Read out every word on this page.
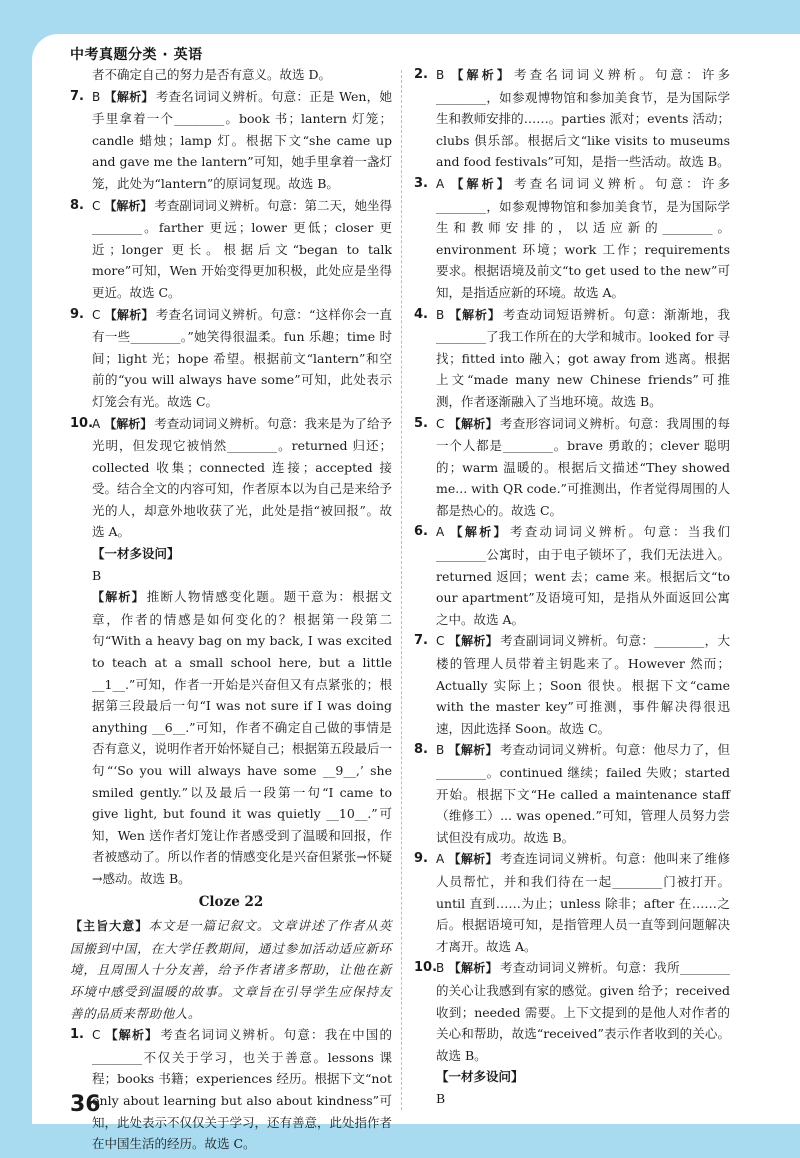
中考真题分类 · 英语

者不确定自己的努力是否有意义。故选 D。

7. B 【解析】 考查名词词义辨析。句意：正是 Wen，她手里拿着一个________。book 书；lantern 灯笼；candle 蜡烛；lamp 灯。根据下文“she came up and gave me the lantern”可知，她手里拿着一盏灯笼，此处为“lantern”的原词复现。故选 B。
8. C 【解析】 考查副词词义辨析。句意：第二天，她坐得________。farther 更远；lower 更低；closer 更近；longer 更长。根据后文“began to talk more”可知，Wen 开始变得更加积极，此处应是坐得更近。故选 C。
9. C 【解析】 考查名词词义辨析。句意：“这样你会一直有一些________。”她笑得很温柔。fun 乐趣；time 时间；light 光；hope 希望。根据前文“lantern”和空前的“you will always have some”可知，此处表示灯笼会有光。故选 C。
10.
A 【解析】 考查动词词义辨析。句意：我来是为了给予光明，但发现它被悄然________。returned 归还；collected 收集；connected 连接；accepted 接受。结合全文的内容可知，作者原本以为自己是来给予光的人，却意外地收获了光，此处是指“被回报”。故选 A。

【一材多设问】

B

【解析】 推断人物情感变化题。题干意为：根据文章，作者的情感是如何变化的？根据第一段第二句“With a heavy bag on my back, I was excited to teach at a small school here, but a little __1__.”可知，作者一开始是兴奋但又有点紧张的；根据第三段最后一句“I was not sure if I was doing anything __6__.”可知，作者不确定自己做的事情是否有意义，说明作者开始怀疑自己；根据第五段最后一句“‘So you will always have some __9__,’ she smiled gently.”以及最后一段第一句“I came to give light, but found it was quietly __10__.”可知，Wen 送作者灯笼让作者感受到了温暖和回报，作者被感动了。所以作者的情感变化是兴奋但紧张→怀疑→感动。故选 B。

Cloze 22

【主旨大意】本文是一篇记叙文。文章讲述了作者从英国搬到中国，在大学任教期间，通过参加活动适应新环境，且周围人十分友善，给予作者诸多帮助，让他在新环境中感受到温暖的故事。文章旨在引导学生应保持友善的品质来帮助他人。

1. C 【解析】 考查名词词义辨析。句意：我在中国的________不仅关于学习，也关于善意。lessons 课程；books 书籍；experiences 经历。根据下文“not only about learning but also about kindness”可知，此处表示不仅仅关于学习，还有善意，此处指作者在中国生活的经历。故选 C。
2. B 【解析】 考查名词词义辨析。句意：许多________，如参观博物馆和参加美食节，是为国际学生和教师安排的……。parties 派对；events 活动；clubs 俱乐部。根据后文“like visits to museums and food festivals”可知，是指一些活动。故选 B。
3. A 【解析】 考查名词词义辨析。句意：许多________，如参观博物馆和参加美食节，是为国际学生和教师安排的，以适应新的________。environment 环境；work 工作；requirements 要求。根据语境及前文“to get used to the new”可知，是指适应新的环境。故选 A。
4. B 【解析】 考查动词短语辨析。句意：渐渐地，我________了我工作所在的大学和城市。looked for 寻找；fitted into 融入；got away from 逃离。根据上文“made many new Chinese friends”可推测，作者逐渐融入了当地环境。故选 B。
5. C 【解析】 考查形容词词义辨析。句意：我周围的每一个人都是________。brave 勇敢的；clever 聪明的；warm 温暖的。根据后文描述“They showed me... with QR code.”可推测出，作者觉得周围的人都是热心的。故选 C。
6. A 【解析】 考查动词词义辨析。句意：当我们________公寓时，由于电子锁坏了，我们无法进入。returned 返回；went 去；came 来。根据后文“to our apartment”及语境可知，是指从外面返回公寓之中。故选 A。
7. C 【解析】 考查副词词义辨析。句意：________，大楼的管理人员带着主钥匙来了。However 然而；Actually 实际上；Soon 很快。根据下文“came with the master key”可推测，事件解决得很迅速，因此选择 Soon。故选 C。
8. B 【解析】 考查动词词义辨析。句意：他尽力了，但________。continued 继续；failed 失败；started 开始。根据下文“He called a maintenance staff（维修工）... was opened.”可知，管理人员努力尝试但没有成功。故选 B。
9. A 【解析】 考查连词词义辨析。句意：他叫来了维修人员帮忙，并和我们待在一起________门被打开。until 直到……为止；unless 除非；after 在……之后。根据语境可知，是指管理人员一直等到问题解决才离开。故选 A。
10.
B 【解析】 考查动词词义辨析。句意：我所________的关心让我感到有家的感觉。given 给予；received 收到；needed 需要。上下文提到的是他人对作者的关心和帮助，故选“received”表示作者收到的关心。故选 B。

【一材多设问】

B

36
